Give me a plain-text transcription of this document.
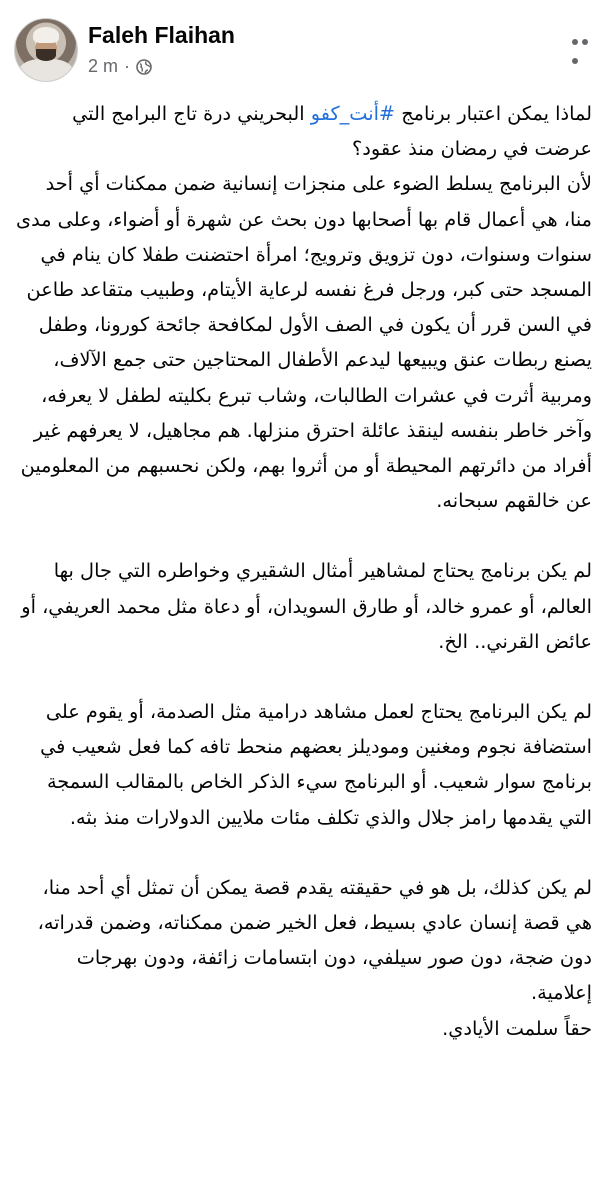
Faleh Flaihan
2 m ·

لماذا يمكن اعتبار برنامج #أنت_كفو البحريني درة تاج البرامج التي عرضت في رمضان منذ عقود؟
لأن البرنامج يسلط الضوء على منجزات إنسانية ضمن ممكنات أي أحد منا، هي أعمال قام بها أصحابها دون بحث عن شهرة أو أضواء، وعلى مدى سنوات وسنوات، دون تزويق وترويج؛ امرأة احتضنت طفلا كان ينام في المسجد حتى كبر، ورجل فرغ نفسه لرعاية الأيتام، وطبيب متقاعد طاعن في السن قرر أن يكون في الصف الأول لمكافحة جائحة كورونا، وطفل يصنع ربطات عنق ويبيعها ليدعم الأطفال المحتاجين حتى جمع الآلاف، ومربية أثرت في عشرات الطالبات، وشاب تبرع بكليته لطفل لا يعرفه، وآخر خاطر بنفسه لينقذ عائلة احترق منزلها. هم مجاهيل، لا يعرفهم غير أفراد من دائرتهم المحيطة أو من أثروا بهم، ولكن نحسبهم من المعلومين عن خالقهم سبحانه.

لم يكن برنامج يحتاج لمشاهير أمثال الشقيري وخواطره التي جال بها العالم، أو عمرو خالد، أو طارق السويدان، أو دعاة مثل محمد العريفي، أو عائض القرني.. الخ.

لم يكن البرنامج يحتاج لعمل مشاهد درامية مثل الصدمة، أو يقوم على استضافة نجوم ومغنين وموديلز بعضهم منحط تافه كما فعل شعيب في برنامج سوار شعيب. أو البرنامج سيء الذكر الخاص بالمقالب السمجة التي يقدمها رامز جلال والذي تكلف مئات ملايين الدولارات منذ بثه.

لم يكن كذلك، بل هو في حقيقته يقدم قصة يمكن أن تمثل أي أحد منا، هي قصة إنسان عادي بسيط، فعل الخير ضمن ممكناته، وضمن قدراته، دون ضجة، دون صور سيلفي، دون ابتسامات زائفة، ودون بهرجات إعلامية.

حقاً سلمت الأيادي.
